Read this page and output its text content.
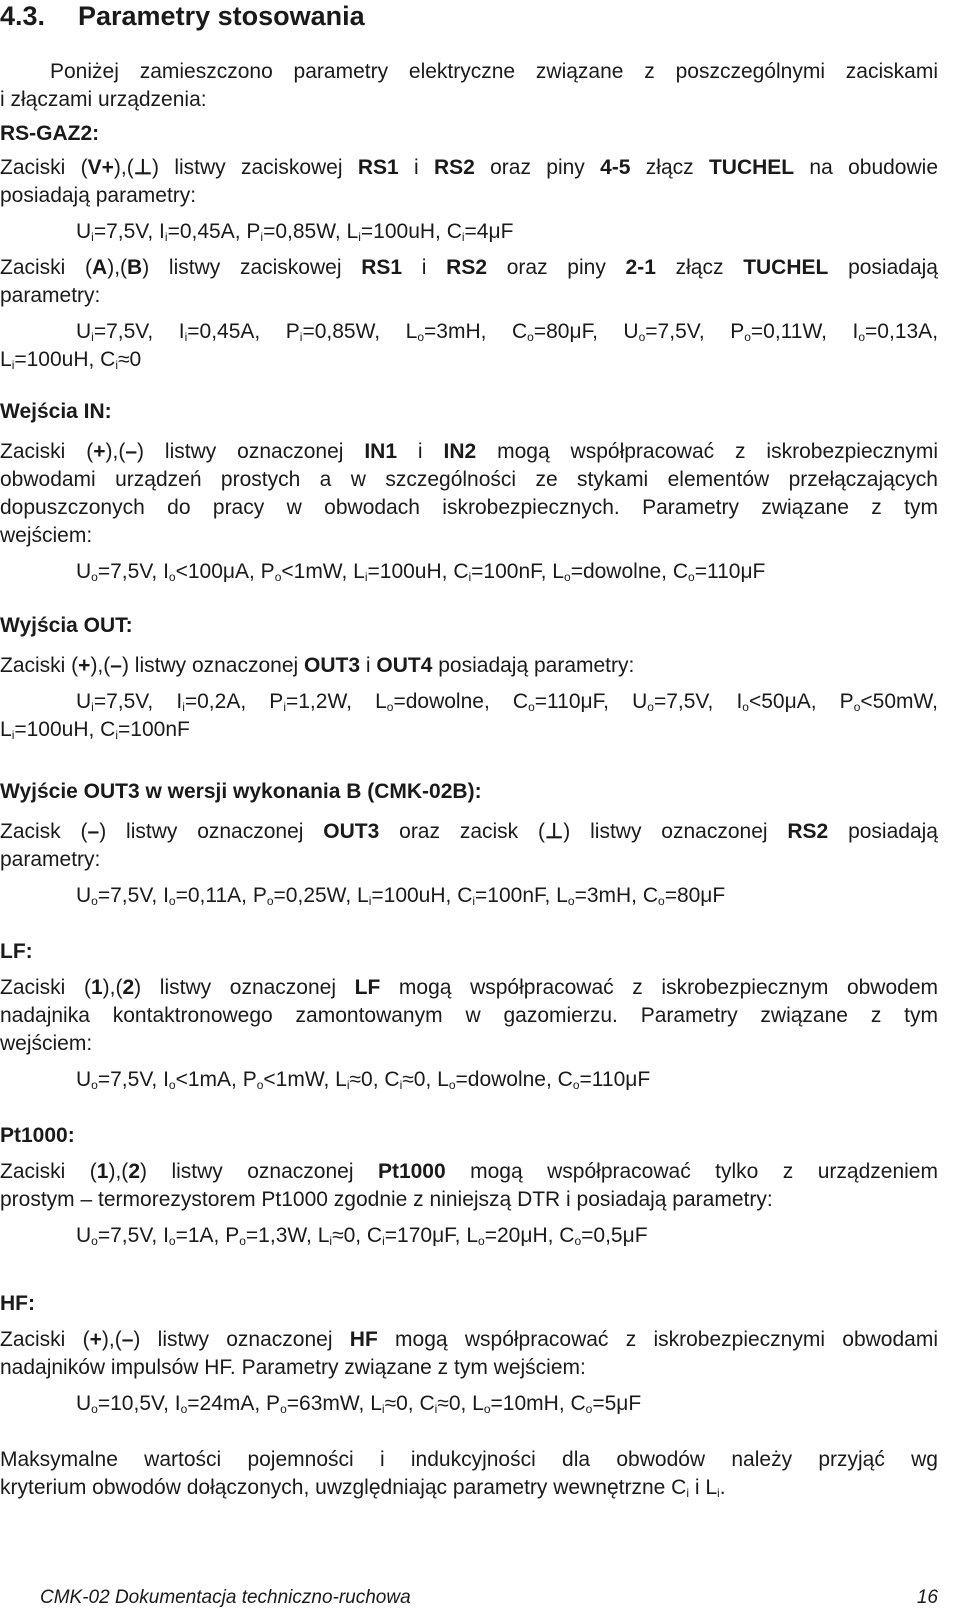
4.3. Parametry stosowania

Poniżej zamieszczono parametry elektryczne związane z poszczególnymi zaciskami

i złączami urządzenia:

RS-GAZ2:

Zaciski (V+),(⊥) listwy zaciskowej RS1 i RS2 oraz piny 4-5 złącz TUCHEL na obudowie

posiadają parametry:

$U_i=7,5V$, $I_i=0,45A$, $P_i=0,85W$, $L_i=100uH$, $C_i=4\mu F$

Zaciski (A),(B) listwy zaciskowej RS1 i RS2 oraz piny 2-1 złącz TUCHEL posiadają

parametry:

$U_i=7,5V$, $I_i=0,45A$, $P_i=0,85W$, $L_o=3mH$, $C_o=80\mu F$, $U_o=7,5V$, $P_o=0,11W$, $I_o=0,13A$,

$L_i=100uH$, $C_i\approx 0$

Wejścia IN:

Zaciski (+),(–) listwy oznaczonej IN1 i IN2 mogą współpracować z iskrobezpiecznymi

obwodami urządzeń prostych a w szczególności ze stykami elementów przełączających

dopuszczonych do pracy w obwodach iskrobezpiecznych. Parametry związane z tym

wejściem:

$U_o=7,5V$, $I_o<100\mu A$, $P_o<1mW$, $L_i=100uH$, $C_i=100nF$, $L_o=dowolne$, $C_o=110\mu F$

Wyjścia OUT:

Zaciski (+),(–) listwy oznaczonej OUT3 i OUT4 posiadają parametry:

$U_i=7,5V$, $I_i=0,2A$, $P_i=1,2W$, $L_o=dowolne$, $C_o=110\mu F$, $U_o=7,5V$, $I_o<50\mu A$, $P_o<50mW$,

$L_i=100uH$, $C_i=100nF$

Wyjście OUT3 w wersji wykonania B (CMK-02B):

Zacisk (–) listwy oznaczonej OUT3 oraz zacisk (⊥) listwy oznaczonej RS2 posiadają

parametry:

$U_o=7,5V$, $I_o=0,11A$, $P_o=0,25W$, $L_i=100uH$, $C_i=100nF$, $L_o=3mH$, $C_o=80\mu F$

LF:

Zaciski (1),(2) listwy oznaczonej LF mogą współpracować z iskrobezpiecznym obwodem

nadajnika kontaktronowego zamontowanym w gazomierzu. Parametry związane z tym

wejściem:

$U_o=7,5V$, $I_o<1mA$, $P_o<1mW$, $L_i\approx 0$, $C_i\approx 0$, $L_o=dowolne$, $C_o=110\mu F$

Pt1000:

Zaciski (1),(2) listwy oznaczonej Pt1000 mogą współpracować tylko z urządzeniem

prostym – termorezystorem Pt1000 zgodnie z niniejszą DTR i posiadają parametry:

$U_o=7,5V$, $I_o=1A$, $P_o=1,3W$, $L_i\approx 0$, $C_i=170\mu F$, $L_o=20\mu H$, $C_o=0,5\mu F$

HF:

Zaciski (+),(–) listwy oznaczonej HF mogą współpracować z iskrobezpiecznymi obwodami

nadajników impulsów HF. Parametry związane z tym wejściem:

$U_o=10,5V$, $I_o=24mA$, $P_o=63mW$, $L_i\approx 0$, $C_i\approx 0$, $L_o=10mH$, $C_o=5\mu F$

Maksymalne wartości pojemności i indukcyjności dla obwodów należy przyjąć wg

kryterium obwodów dołączonych, uwzględniając parametry wewnętrzne $C_i$ i $L_i$.

CMK-02 Dokumentacja techniczno-ruchowa	16
